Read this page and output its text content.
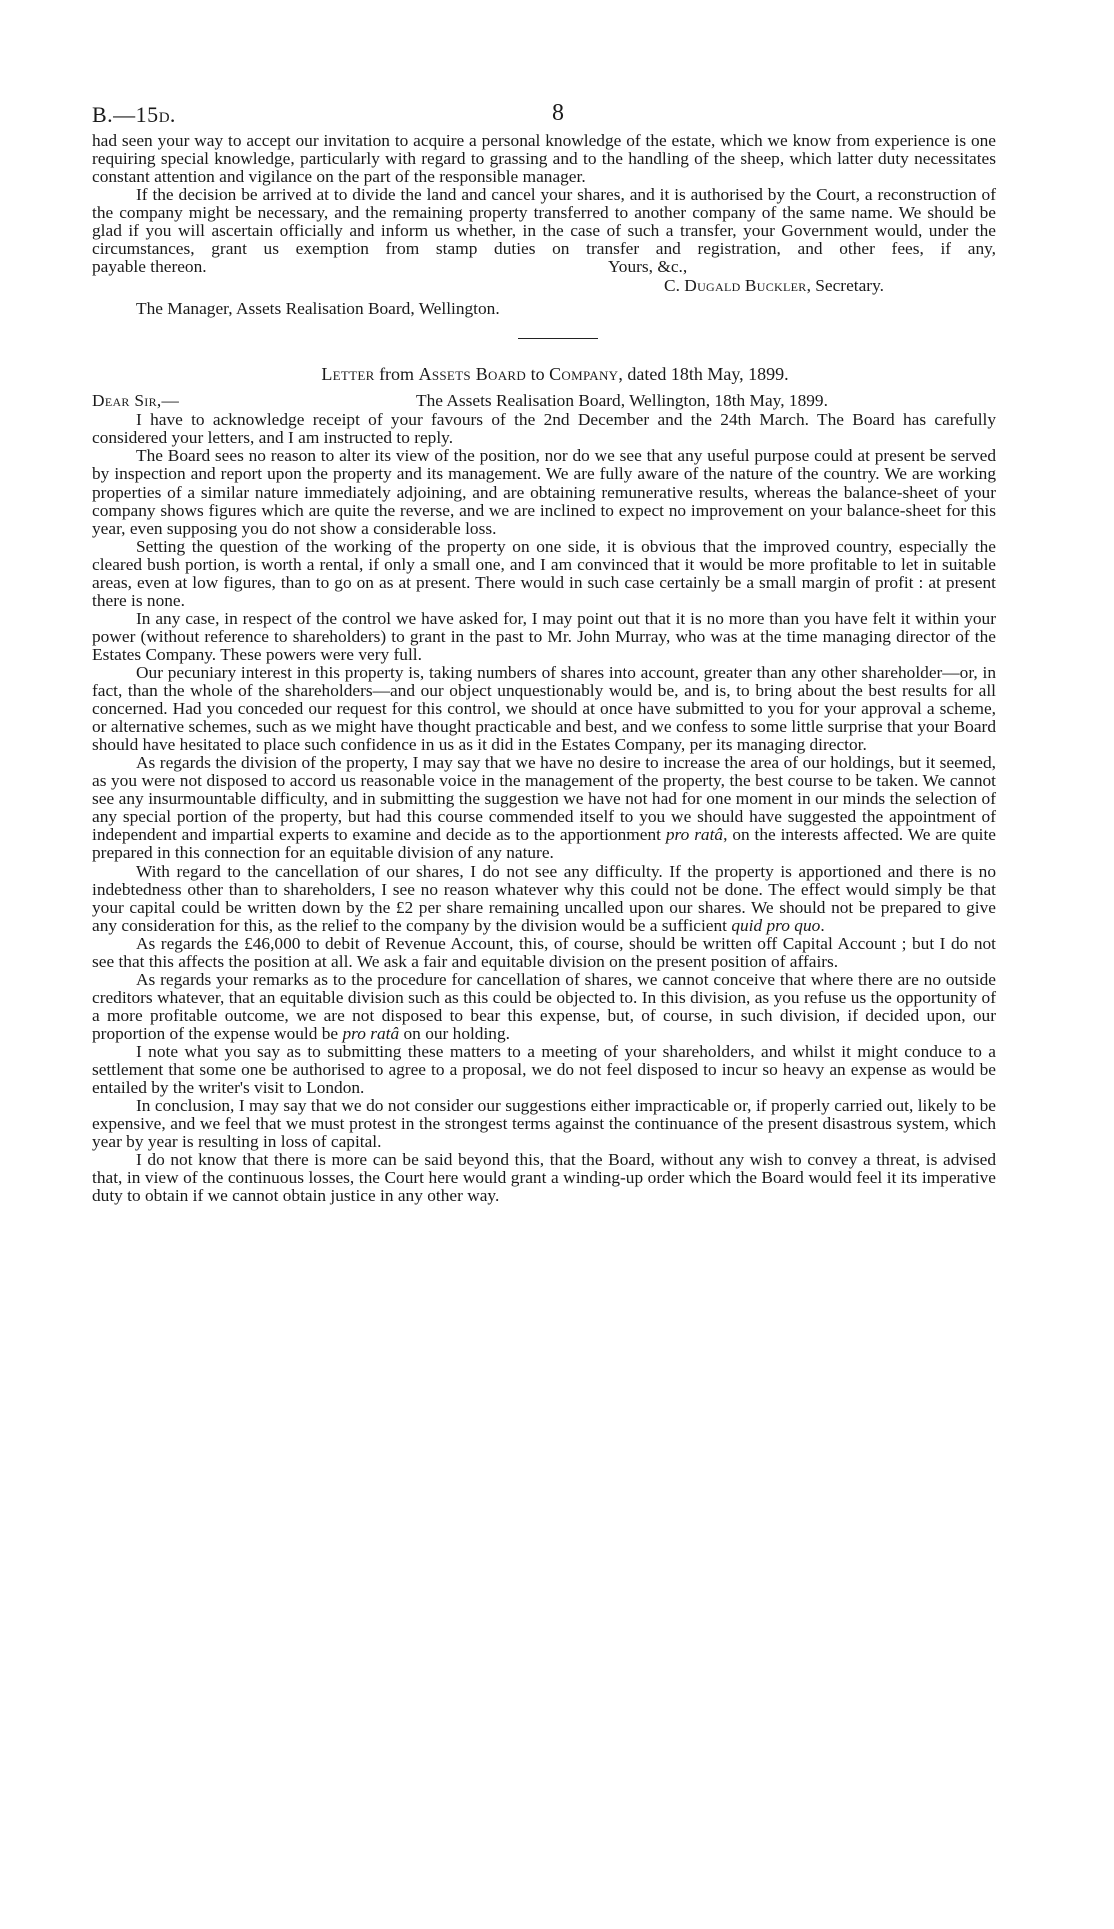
B.—15d.	8

had seen your way to accept our invitation to acquire a personal knowledge of the estate, which we know from experience is one requiring special knowledge, particularly with regard to grassing and to the handling of the sheep, which latter duty necessitates constant attention and vigilance on the part of the responsible manager.

If the decision be arrived at to divide the land and cancel your shares, and it is authorised by the Court, a reconstruction of the company might be necessary, and the remaining property transferred to another company of the same name. We should be glad if you will ascertain officially and inform us whether, in the case of such a transfer, your Government would, under the circumstances, grant us exemption from stamp duties on transfer and registration, and other fees, if any,

payable thereon.	Yours, &c.,
C. Dugald Buckler, Secretary.
The Manager, Assets Realisation Board, Wellington.
Letter from Assets Board to Company, dated 18th May, 1899.
Dear Sir,—	The Assets Realisation Board, Wellington, 18th May, 1899.

I have to acknowledge receipt of your favours of the 2nd December and the 24th March. The Board has carefully considered your letters, and I am instructed to reply.

The Board sees no reason to alter its view of the position, nor do we see that any useful purpose could at present be served by inspection and report upon the property and its management. We are fully aware of the nature of the country. We are working properties of a similar nature immediately adjoining, and are obtaining remunerative results, whereas the balance-sheet of your company shows figures which are quite the reverse, and we are inclined to expect no improvement on your balance-sheet for this year, even supposing you do not show a considerable loss.

Setting the question of the working of the property on one side, it is obvious that the improved country, especially the cleared bush portion, is worth a rental, if only a small one, and I am convinced that it would be more profitable to let in suitable areas, even at low figures, than to go on as at present. There would in such case certainly be a small margin of profit : at present there is none.

In any case, in respect of the control we have asked for, I may point out that it is no more than you have felt it within your power (without reference to shareholders) to grant in the past to Mr. John Murray, who was at the time managing director of the Estates Company. These powers were very full.

Our pecuniary interest in this property is, taking numbers of shares into account, greater than any other shareholder—or, in fact, than the whole of the shareholders—and our object unquestionably would be, and is, to bring about the best results for all concerned. Had you conceded our request for this control, we should at once have submitted to you for your approval a scheme, or alternative schemes, such as we might have thought practicable and best, and we confess to some little surprise that your Board should have hesitated to place such confidence in us as it did in the Estates Company, per its managing director.

As regards the division of the property, I may say that we have no desire to increase the area of our holdings, but it seemed, as you were not disposed to accord us reasonable voice in the management of the property, the best course to be taken. We cannot see any insurmountable difficulty, and in submitting the suggestion we have not had for one moment in our minds the selection of any special portion of the property, but had this course commended itself to you we should have suggested the appointment of independent and impartial experts to examine and decide as to the apportionment pro ratâ, on the interests affected. We are quite prepared in this connection for an equitable division of any nature.

With regard to the cancellation of our shares, I do not see any difficulty. If the property is apportioned and there is no indebtedness other than to shareholders, I see no reason whatever why this could not be done. The effect would simply be that your capital could be written down by the £2 per share remaining uncalled upon our shares. We should not be prepared to give any consideration for this, as the relief to the company by the division would be a sufficient quid pro quo.

As regards the £46,000 to debit of Revenue Account, this, of course, should be written off Capital Account ; but I do not see that this affects the position at all. We ask a fair and equitable division on the present position of affairs.

As regards your remarks as to the procedure for cancellation of shares, we cannot conceive that where there are no outside creditors whatever, that an equitable division such as this could be objected to. In this division, as you refuse us the opportunity of a more profitable outcome, we are not disposed to bear this expense, but, of course, in such division, if decided upon, our proportion of the expense would be pro ratâ on our holding.

I note what you say as to submitting these matters to a meeting of your shareholders, and whilst it might conduce to a settlement that some one be authorised to agree to a proposal, we do not feel disposed to incur so heavy an expense as would be entailed by the writer's visit to London.

In conclusion, I may say that we do not consider our suggestions either impracticable or, if properly carried out, likely to be expensive, and we feel that we must protest in the strongest terms against the continuance of the present disastrous system, which year by year is resulting in loss of capital.

I do not know that there is more can be said beyond this, that the Board, without any wish to convey a threat, is advised that, in view of the continuous losses, the Court here would grant a winding-up order which the Board would feel it its imperative duty to obtain if we cannot obtain justice in any other way.
